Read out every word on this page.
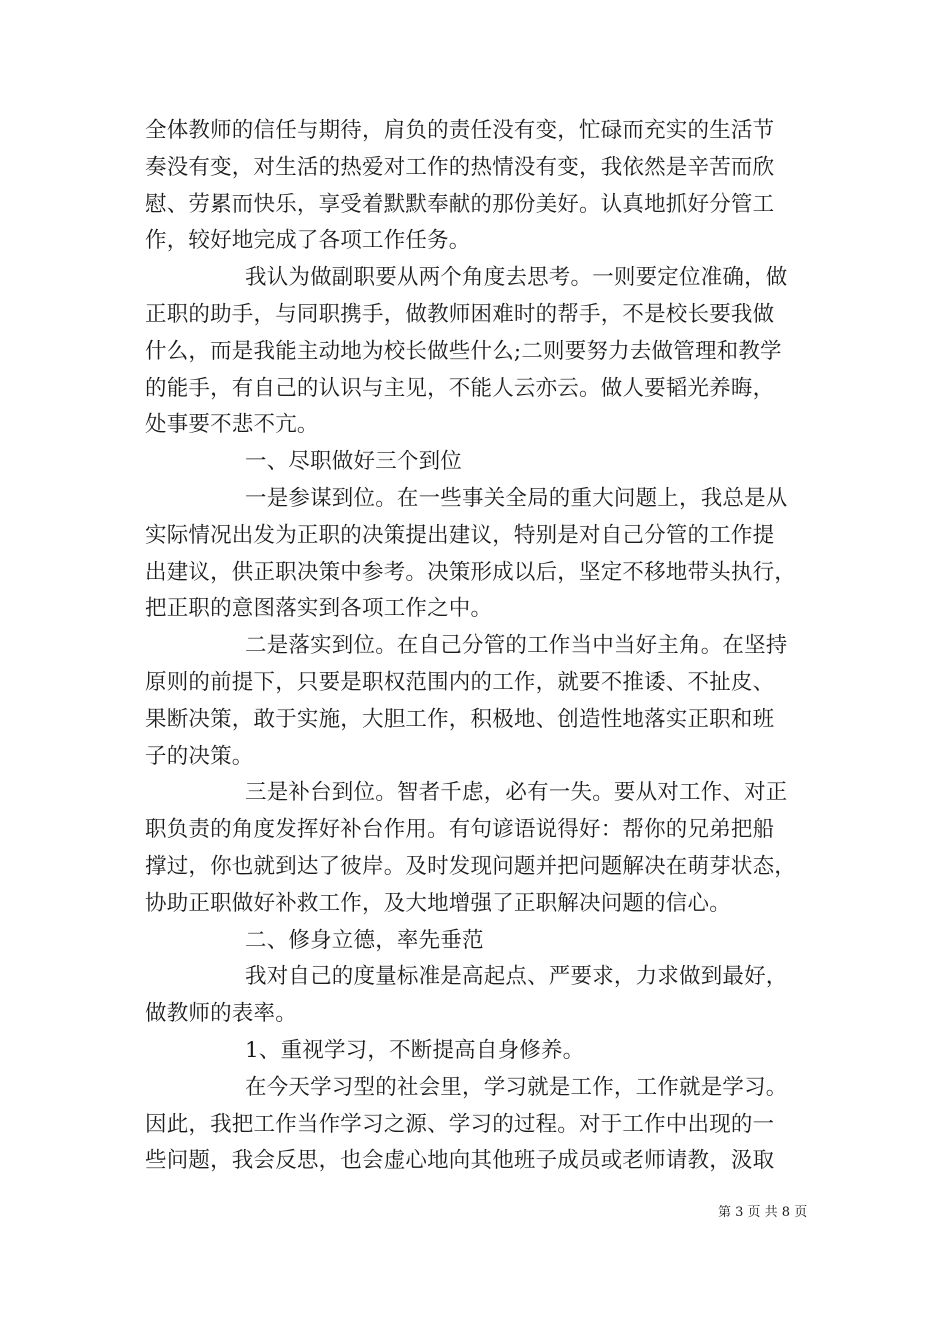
全体教师的信任与期待，肩负的责任没有变，忙碌而充实的生活节
奏没有变，对生活的热爱对工作的热情没有变，我依然是辛苦而欣
慰、劳累而快乐，享受着默默奉献的那份美好。认真地抓好分管工
作，较好地完成了各项工作任务。
我认为做副职要从两个角度去思考。一则要定位准确，做
正职的助手，与同职携手，做教师困难时的帮手，不是校长要我做
什么，而是我能主动地为校长做些什么;二则要努力去做管理和教学
的能手，有自己的认识与主见，不能人云亦云。做人要韬光养晦，
处事要不悲不亢。
一、尽职做好三个到位
一是参谋到位。在一些事关全局的重大问题上，我总是从
实际情况出发为正职的决策提出建议，特别是对自己分管的工作提
出建议，供正职决策中参考。决策形成以后，坚定不移地带头执行，
把正职的意图落实到各项工作之中。
二是落实到位。在自己分管的工作当中当好主角。在坚持
原则的前提下，只要是职权范围内的工作，就要不推诿、不扯皮、
果断决策，敢于实施，大胆工作，积极地、创造性地落实正职和班
子的决策。
三是补台到位。智者千虑，必有一失。要从对工作、对正
职负责的角度发挥好补台作用。有句谚语说得好：帮你的兄弟把船
撑过，你也就到达了彼岸。及时发现问题并把问题解决在萌芽状态，
协助正职做好补救工作，及大地增强了正职解决问题的信心。
二、修身立德，率先垂范
我对自己的度量标准是高起点、严要求，力求做到最好，
做教师的表率。
1、重视学习，不断提高自身修养。
在今天学习型的社会里，学习就是工作，工作就是学习。
因此，我把工作当作学习之源、学习的过程。对于工作中出现的一
些问题，我会反思，也会虚心地向其他班子成员或老师请教，汲取
第 3 页 共 8 页
